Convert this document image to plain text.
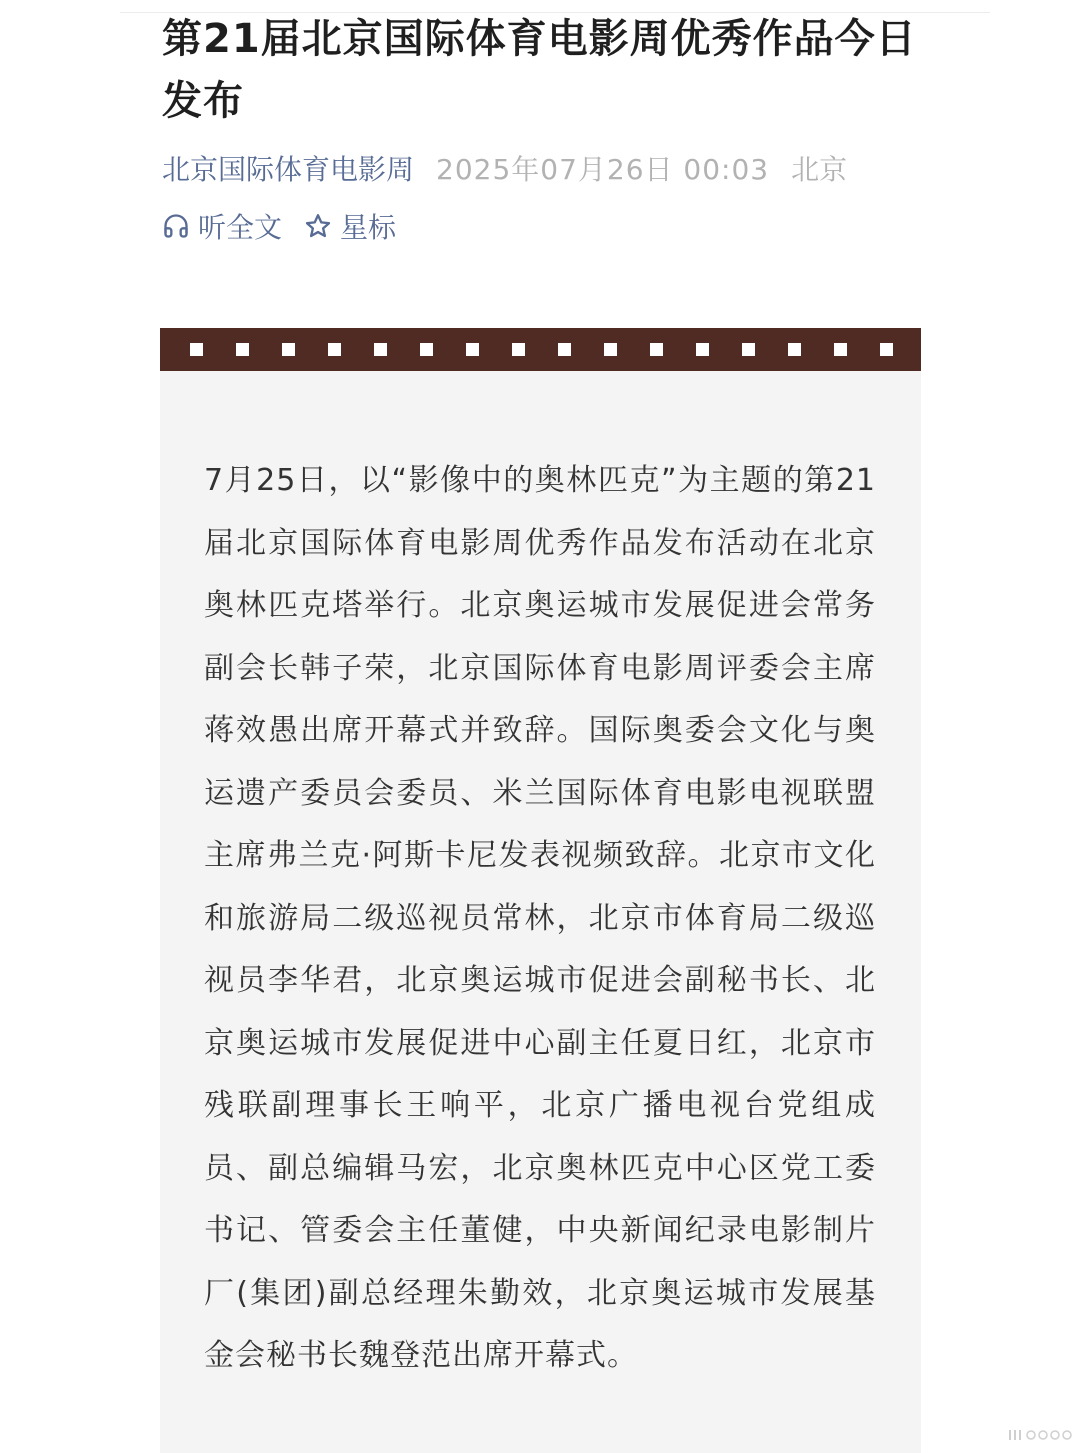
第21届北京国际体育电影周优秀作品今日发布
北京国际体育电影周 2025年07月26日 00:03 北京
听全文 星标

7月25日，以“影像中的奥林匹克”为主题的第21届北京国际体育电影周优秀作品发布活动在北京奥林匹克塔举行。北京奥运城市发展促进会常务副会长韩子荣，北京国际体育电影周评委会主席蒋效愚出席开幕式并致辞。国际奥委会文化与奥运遗产委员会委员、米兰国际体育电影电视联盟主席弗兰克·阿斯卡尼发表视频致辞。北京市文化和旅游局二级巡视员常林，北京市体育局二级巡视员李华君，北京奥运城市促进会副秘书长、北京奥运城市发展促进中心副主任夏日红，北京市残联副理事长王响平，北京广播电视台党组成员、副总编辑马宏，北京奥林匹克中心区党工委书记、管委会主任董健，中央新闻纪录电影制片厂(集团)副总经理朱勤效，北京奥运城市发展基金会秘书长魏登范出席开幕式。
